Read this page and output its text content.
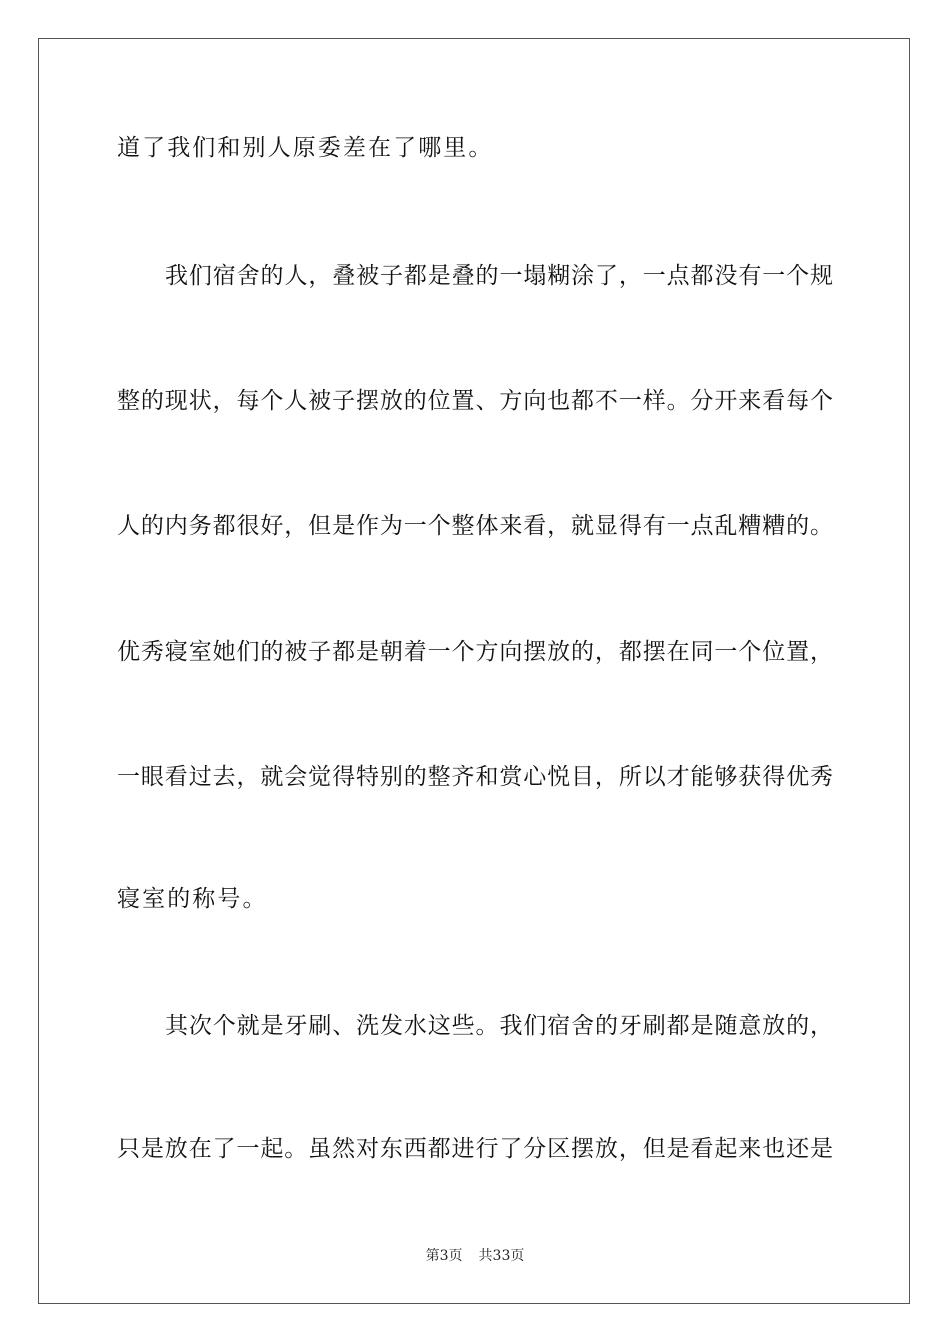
道了我们和别人原委差在了哪里。
我们宿舍的人，叠被子都是叠的一塌糊涂了，一点都没有一个规
整的现状，每个人被子摆放的位置、方向也都不一样。分开来看每个
人的内务都很好，但是作为一个整体来看，就显得有一点乱糟糟的。
优秀寝室她们的被子都是朝着一个方向摆放的，都摆在同一个位置，
一眼看过去，就会觉得特别的整齐和赏心悦目，所以才能够获得优秀
寝室的称号。
其次个就是牙刷、洗发水这些。我们宿舍的牙刷都是随意放的，
只是放在了一起。虽然对东西都进行了分区摆放，但是看起来也还是
第3页 共33页
